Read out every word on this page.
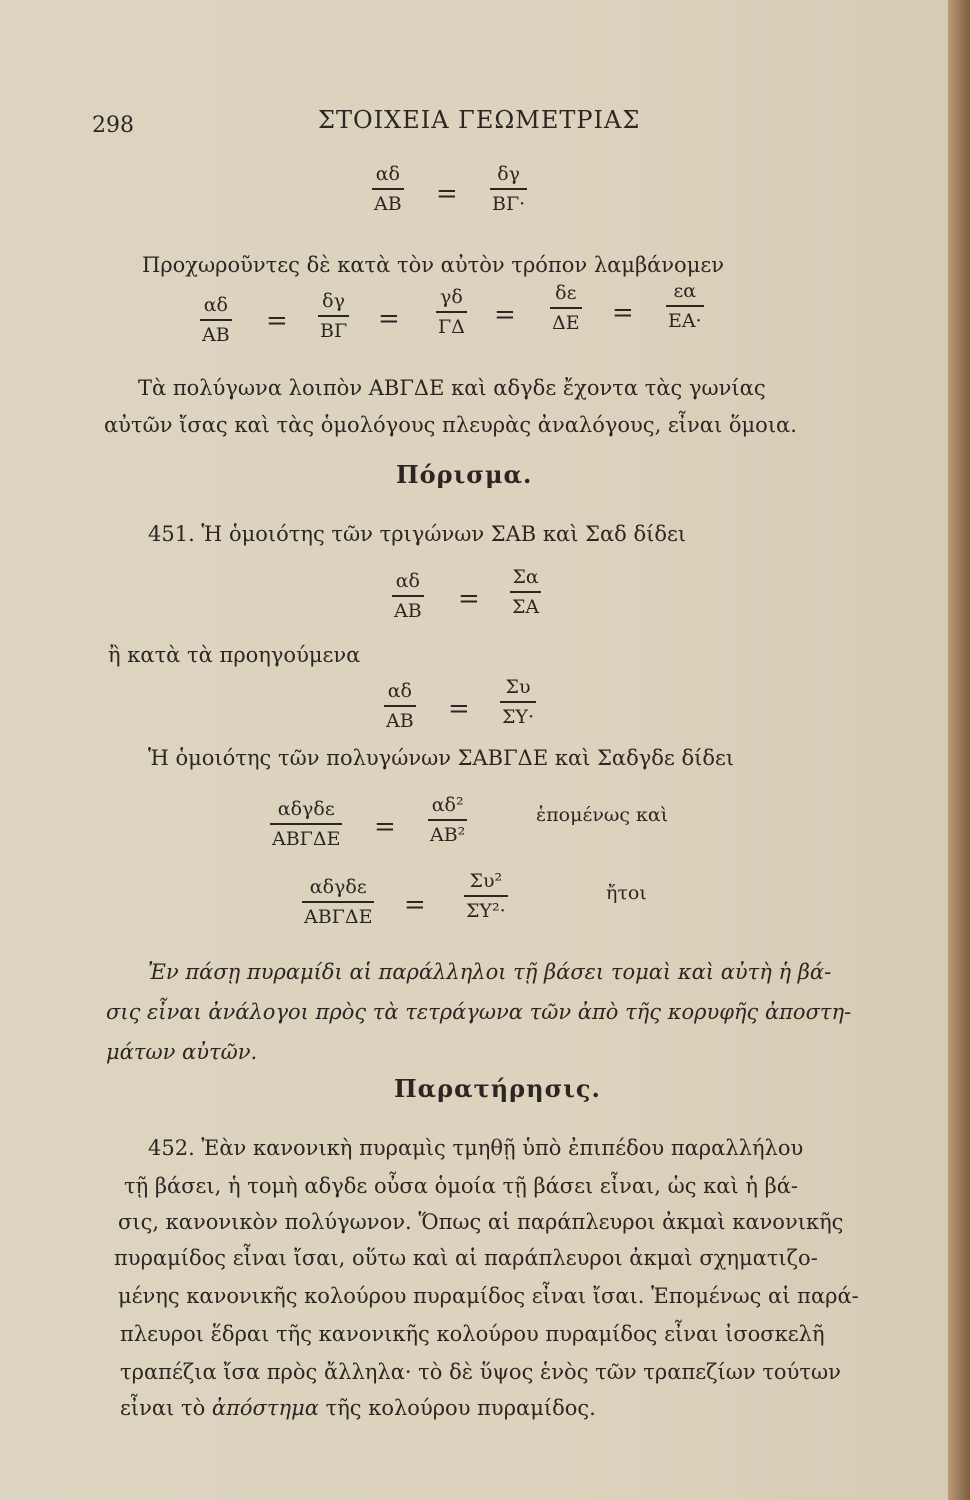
298	ΣΤΟΙΧΕΙΑ ΓΕΩΜΕΤΡΙΑΣ
αδ
ΑΒ =
δγ
ΒΓ·
Προχωροῦντες δὲ κατὰ τὸν αὐτὸν τρόπον λαμβάνομεν
αδ
ΑΒ =
δγ
ΒΓ =
γδ
ΓΔ =
δε
ΔΕ =
εα
ΕΑ·
Τὰ πολύγωνα λοιπὸν ΑΒΓΔΕ καὶ αδγδε ἔχοντα τὰς γωνίας
αὐτῶν ἴσας καὶ τὰς ὁμολόγους πλευρὰς ἀναλόγους, εἶναι ὅμοια.
Πόρισμα.
451. Ἡ ὁμοιότης τῶν τριγώνων ΣΑΒ καὶ Σαδ δίδει
αδ
ΑΒ =
Σα
ΣΑ
ἢ κατὰ τὰ προηγούμενα
αδ
ΑΒ =
Συ
ΣΥ·
Ἡ ὁμοιότης τῶν πολυγώνων ΣΑΒΓΔΕ καὶ Σαδγδε δίδει
αδγδε
ΑΒΓΔΕ =
αδ²
ΑΒ²
ἑπομένως καὶ
αδγδε
ΑΒΓΔΕ =
Συ²
ΣΥ²·
ἤτοι
Ἐν πάσῃ πυραμίδι αἱ παράλληλοι τῇ βάσει τομαὶ καὶ αὐτὴ ἡ βά-
σις εἶναι ἀνάλογοι πρὸς τὰ τετράγωνα τῶν ἀπὸ τῆς κορυφῆς ἀποστη-
μάτων αὐτῶν.
Παρατήρησις.
452. Ἐὰν κανονικὴ πυραμὶς τμηθῇ ὑπὸ ἐπιπέδου παραλλήλου
τῇ βάσει, ἡ τομὴ αδγδε οὖσα ὁμοία τῇ βάσει εἶναι, ὡς καὶ ἡ βά-
σις, κανονικὸν πολύγωνον. Ὅπως αἱ παράπλευροι ἀκμαὶ κανονικῆς
πυραμίδος εἶναι ἴσαι, οὕτω καὶ αἱ παράπλευροι ἀκμαὶ σχηματιζο-
μένης κανονικῆς κολούρου πυραμίδος εἶναι ἴσαι. Ἑπομένως αἱ παρά-
πλευροι ἕδραι τῆς κανονικῆς κολούρου πυραμίδος εἶναι ἰσοσκελῆ
τραπέζια ἴσα πρὸς ἄλληλα· τὸ δὲ ὕψος ἑνὸς τῶν τραπεζίων τούτων
εἶναι τὸ ἀπόστημα τῆς κολούρου πυραμίδος.
